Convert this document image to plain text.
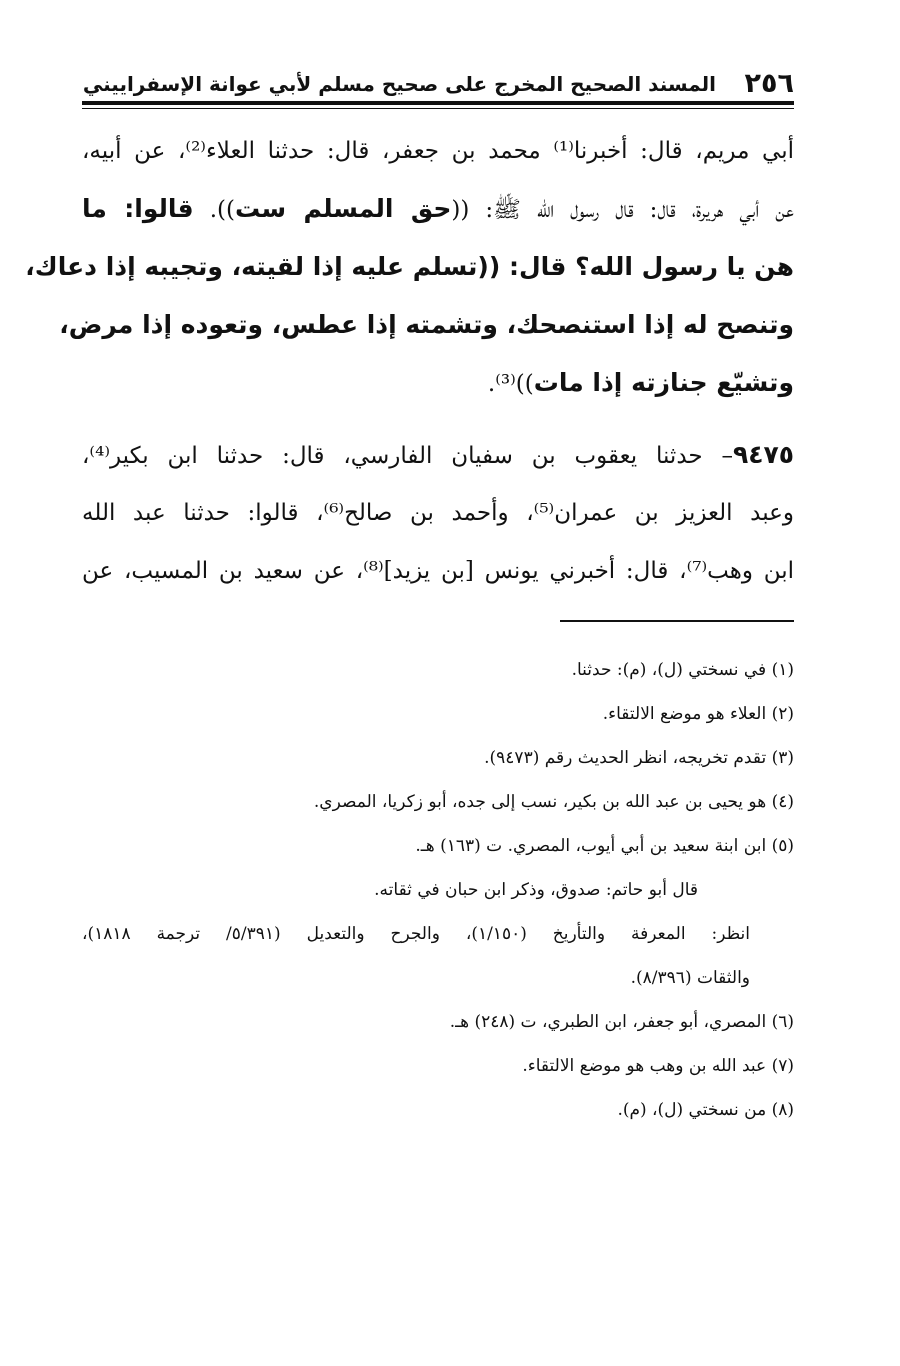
٢٥٦
المسند الصحيح المخرج على صحيح مسلم لأبي عوانة الإسفراييني
أبي مريم، قال: أخبرنا⁽¹⁾ محمد بن جعفر، قال: حدثنا العلاء⁽²⁾، عن أبيه،
عن أبي هريرة، قال: قال رسول الله ﷺ: ((حق المسلم ست)). قالوا: ما
هن يا رسول الله؟ قال: ((تسلم عليه إذا لقيته، وتجيبه إذا دعاك،
وتنصح له إذا استنصحك، وتشمته إذا عطس، وتعوده إذا مرض،
وتشيّع جنازته إذا مات))⁽³⁾.
٩٤٧٥– حدثنا يعقوب بن سفيان الفارسي، قال: حدثنا ابن بكير⁽⁴⁾،
وعبد العزيز بن عمران⁽⁵⁾، وأحمد بن صالح⁽⁶⁾، قالوا: حدثنا عبد الله
ابن وهب⁽⁷⁾، قال: أخبرني يونس [بن يزيد]⁽⁸⁾، عن سعيد بن المسيب، عن
(١) في نسختي (ل)، (م): حدثنا.
(٢) العلاء هو موضع الالتقاء.
(٣) تقدم تخريجه، انظر الحديث رقم (٩٤٧٣).
(٤) هو يحيى بن عبد الله بن بكير، نسب إلى جده، أبو زكريا، المصري.
(٥) ابن ابنة سعيد بن أبي أيوب، المصري. ت (١٦٣) هـ.
قال أبو حاتم: صدوق، وذكر ابن حبان في ثقاته.
انظر: المعرفة والتأريخ (١/١٥٠)، والجرح والتعديل (٥/٣٩١/ ترجمة ١٨١٨)،
والثقات (٨/٣٩٦).
(٦) المصري، أبو جعفر، ابن الطبري، ت (٢٤٨) هـ.
(٧) عبد الله بن وهب هو موضع الالتقاء.
(٨) من نسختي (ل)، (م).
